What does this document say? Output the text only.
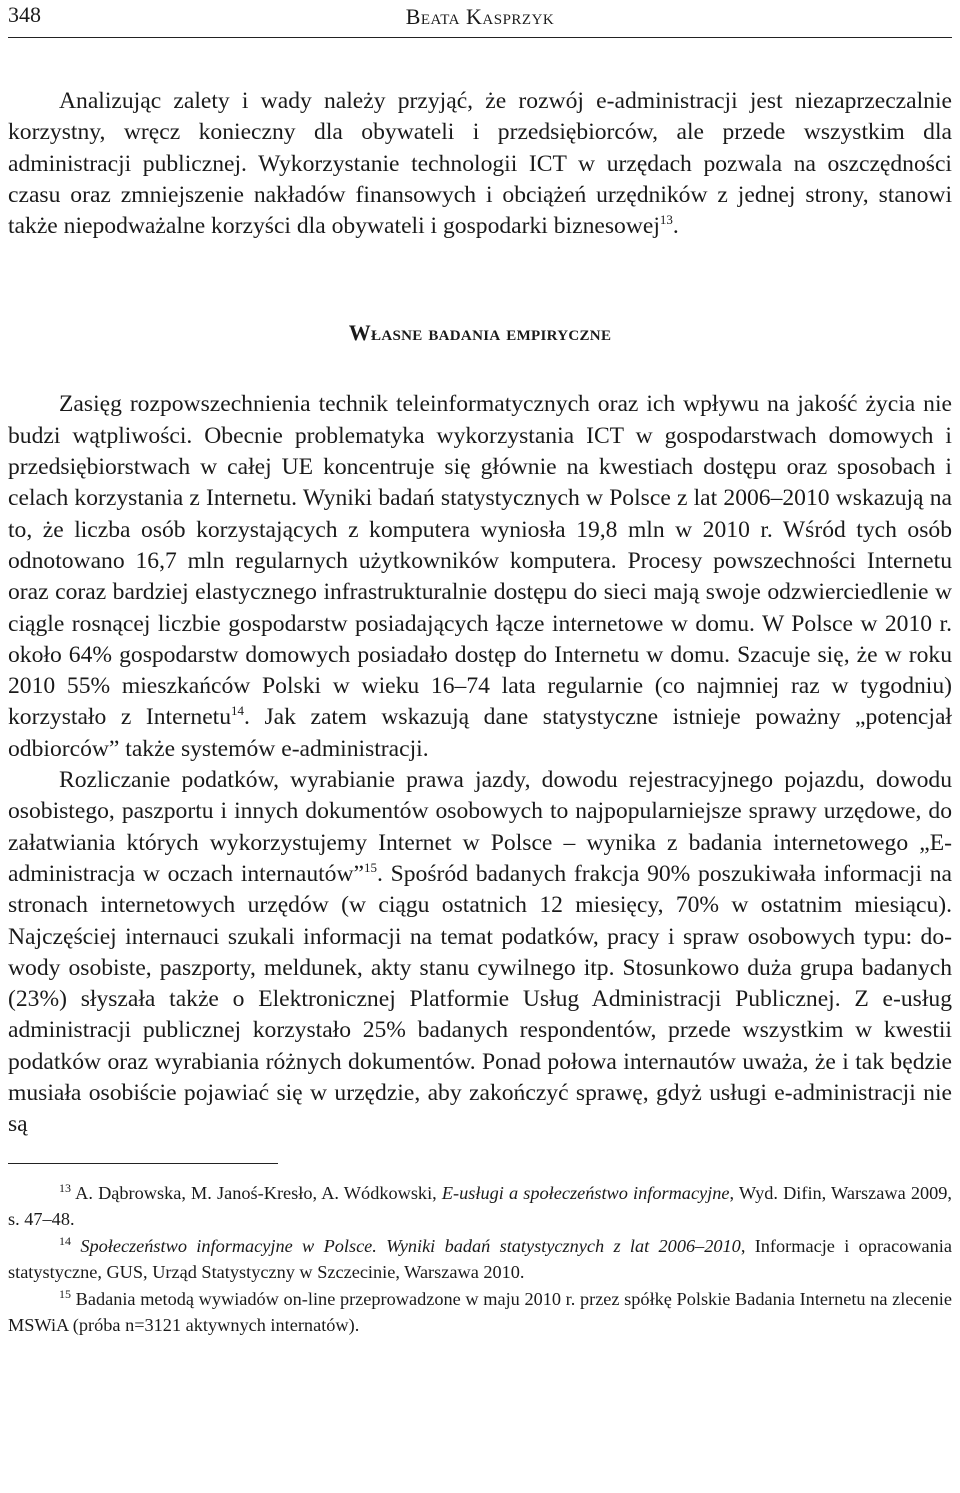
348	Beata Kasprzyk

Analizując zalety i wady należy przyjąć, że rozwój e-administracji jest niezaprzeczalnie korzystny, wręcz konieczny dla obywateli i przedsiębiorców, ale przede wszystkim dla administracji publicznej. Wykorzystanie technologii ICT w urzędach pozwala na oszczędności czasu oraz zmniejszenie nakładów finansowych i obciążeń urzędników z jednej strony, stanowi także niepodważalne korzyści dla obywateli i gospodarki biznesowej$^{13}$.

Własne badania empiryczne

Zasięg rozpowszechnienia technik teleinformatycznych oraz ich wpływu na jakość życia nie budzi wątpliwości. Obecnie problematyka wykorzystania ICT w gospodarstwach domowych i przedsiębiorstwach w całej UE koncentruje się głównie na kwestiach dostępu oraz sposobach i celach korzystania z Internetu. Wyniki badań statystycznych w Polsce z lat 2006–2010 wskazują na to, że liczba osób korzystających z komputera wyniosła 19,8 mln w 2010 r. Wśród tych osób odnotowano 16,7 mln regularnych użytkowników komputera. Procesy powszechności Internetu oraz coraz bardziej elastycznego infrastrukturalnie dostępu do sieci mają swoje odzwierciedlenie w ciągle rosnącej liczbie gospodarstw posiadających łącze internetowe w domu. W Polsce w 2010 r. około 64% gospodarstw domowych posiadało dostęp do Internetu w domu. Szacuje się, że w roku 2010 55% mieszkańców Polski w wieku 16–74 lata regularnie (co najmniej raz w tygodniu) korzystało z Internetu$^{14}$. Jak zatem wskazują dane statystyczne istnieje poważny „potencjał odbiorców” także systemów e-administracji.

Rozliczanie podatków, wyrabianie prawa jazdy, dowodu rejestracyjnego pojazdu, dowodu osobistego, paszportu i innych dokumentów osobowych to najpopularniejsze sprawy urzędowe, do załatwiania których wykorzystujemy Internet w Polsce – wynika z badania internetowego „E-administracja w oczach internautów”$^{15}$. Spośród badanych frakcja 90% poszukiwała informacji na stronach internetowych urzędów (w ciągu ostatnich 12 miesięcy, 70% w ostatnim miesiącu). Najczęściej internauci szukali informacji na temat podatków, pracy i spraw osobowych typu: dowody osobiste, paszporty, meldunek, akty stanu cywilnego itp. Stosunkowo duża grupa badanych (23%) słyszała także o Elektronicznej Platformie Usług Administracji Publicznej. Z e-usług administracji publicznej korzystało 25% badanych respondentów, przede wszystkim w kwestii podatków oraz wyrabiania różnych dokumentów. Ponad połowa internautów uważa, że i tak będzie musiała osobiście pojawiać się w urzędzie, aby zakończyć sprawę, gdyż usługi e-administracji nie są

$^{13}$ A. Dąbrowska, M. Janoś-Kresło, A. Wódkowski, E-usługi a społeczeństwo informacyjne, Wyd. Difin, Warszawa 2009, s. 47–48.

$^{14}$ Społeczeństwo informacyjne w Polsce. Wyniki badań statystycznych z lat 2006–2010, Informacje i opracowania statystyczne, GUS, Urząd Statystyczny w Szczecinie, Warszawa 2010.

$^{15}$ Badania metodą wywiadów on-line przeprowadzone w maju 2010 r. przez spółkę Polskie Badania Internetu na zlecenie MSWiA (próba n=3121 aktywnych internatów).
